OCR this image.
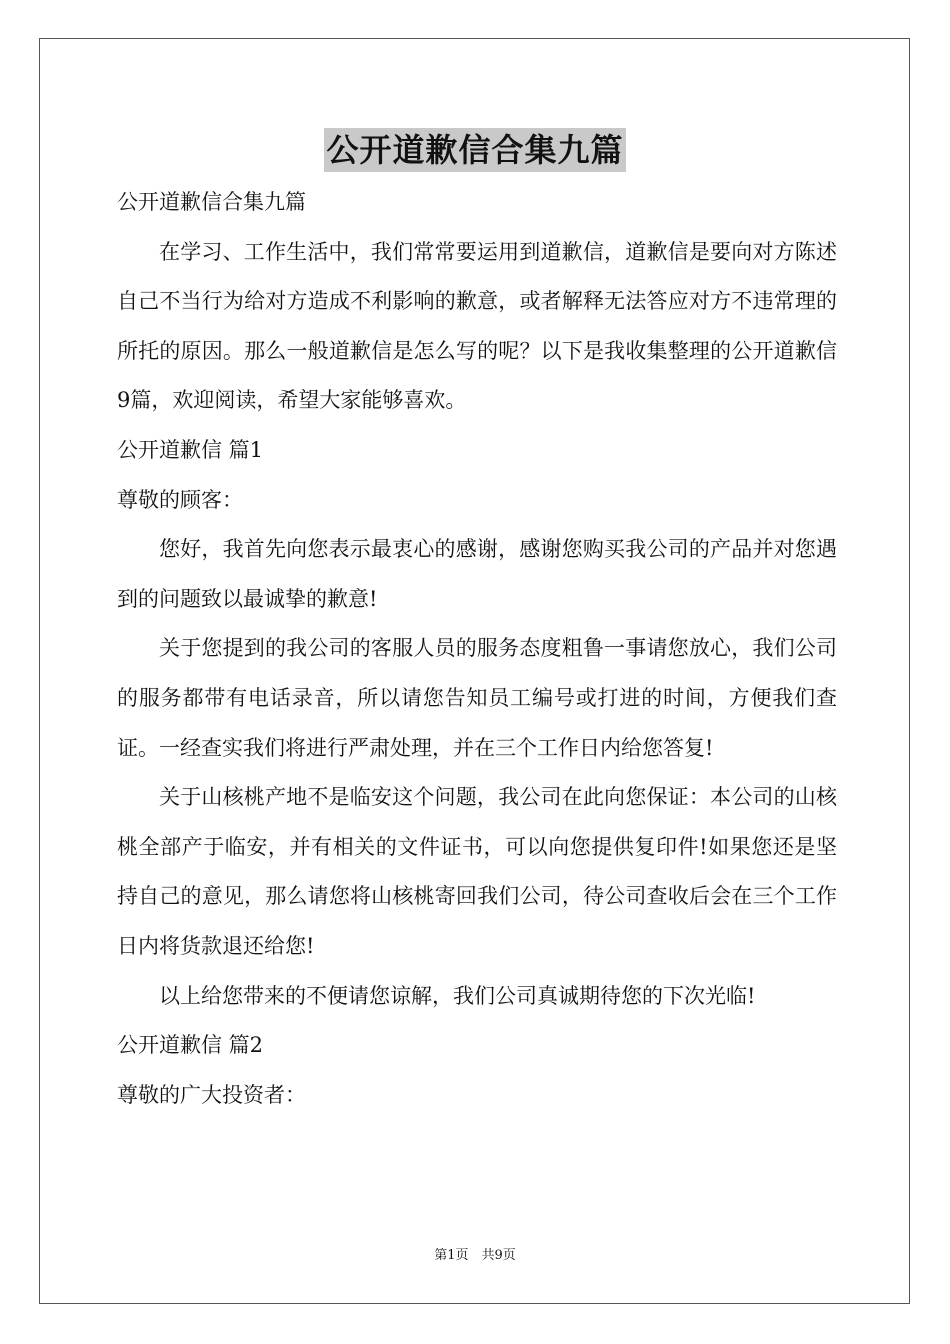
公开道歉信合集九篇

公开道歉信合集九篇

在学习、工作生活中，我们常常要运用到道歉信，道歉信是要向对方陈述自己不当行为给对方造成不利影响的歉意，或者解释无法答应对方不违常理的所托的原因。那么一般道歉信是怎么写的呢？以下是我收集整理的公开道歉信9篇，欢迎阅读，希望大家能够喜欢。

公开道歉信 篇1

尊敬的顾客：

您好，我首先向您表示最衷心的感谢，感谢您购买我公司的产品并对您遇到的问题致以最诚挚的歉意!

关于您提到的我公司的客服人员的服务态度粗鲁一事请您放心，我们公司的服务都带有电话录音，所以请您告知员工编号或打进的时间，方便我们查证。一经查实我们将进行严肃处理，并在三个工作日内给您答复!

关于山核桃产地不是临安这个问题，我公司在此向您保证：本公司的山核桃全部产于临安，并有相关的文件证书，可以向您提供复印件!如果您还是坚持自己的意见，那么请您将山核桃寄回我们公司，待公司查收后会在三个工作日内将货款退还给您!

以上给您带来的不便请您谅解，我们公司真诚期待您的下次光临!

公开道歉信 篇2

尊敬的广大投资者：

第1页　共9页
